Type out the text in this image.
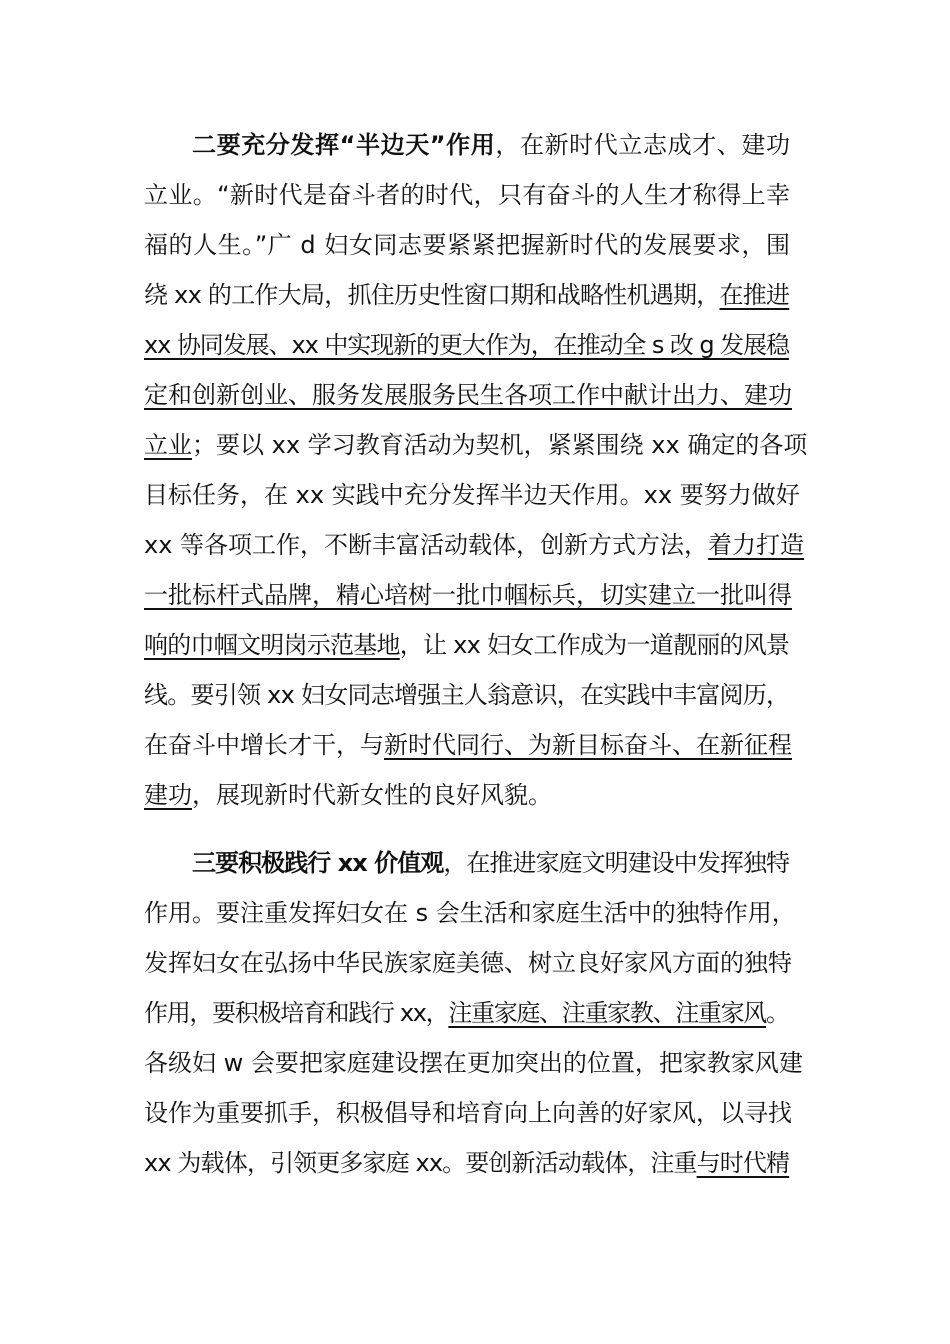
二要充分发挥“半边天”作用，在新时代立志成才、建功
立业。“新时代是奋斗者的时代，只有奋斗的人生才称得上幸
福的人生。”广 d 妇女同志要紧紧把握新时代的发展要求，围
绕 xx 的工作大局，抓住历史性窗口期和战略性机遇期，在推进
xx 协同发展、xx 中实现新的更大作为，在推动全 s 改 g 发展稳
定和创新创业、服务发展服务民生各项工作中献计出力、建功
立业；要以 xx 学习教育活动为契机，紧紧围绕 xx 确定的各项
目标任务，在 xx 实践中充分发挥半边天作用。xx 要努力做好
xx 等各项工作，不断丰富活动载体，创新方式方法，着力打造
一批标杆式品牌，精心培树一批巾帼标兵，切实建立一批叫得
响的巾帼文明岗示范基地，让 xx 妇女工作成为一道靓丽的风景
线。要引领 xx 妇女同志增强主人翁意识，在实践中丰富阅历，
在奋斗中增长才干，与新时代同行、为新目标奋斗、在新征程
建功，展现新时代新女性的良好风貌。
三要积极践行 xx 价值观，在推进家庭文明建设中发挥独特
作用。要注重发挥妇女在 s 会生活和家庭生活中的独特作用，
发挥妇女在弘扬中华民族家庭美德、树立良好家风方面的独特
作用，要积极培育和践行 xx，注重家庭、注重家教、注重家风。
各级妇 w 会要把家庭建设摆在更加突出的位置，把家教家风建
设作为重要抓手，积极倡导和培育向上向善的好家风，以寻找
xx 为载体，引领更多家庭 xx。要创新活动载体，注重与时代精
